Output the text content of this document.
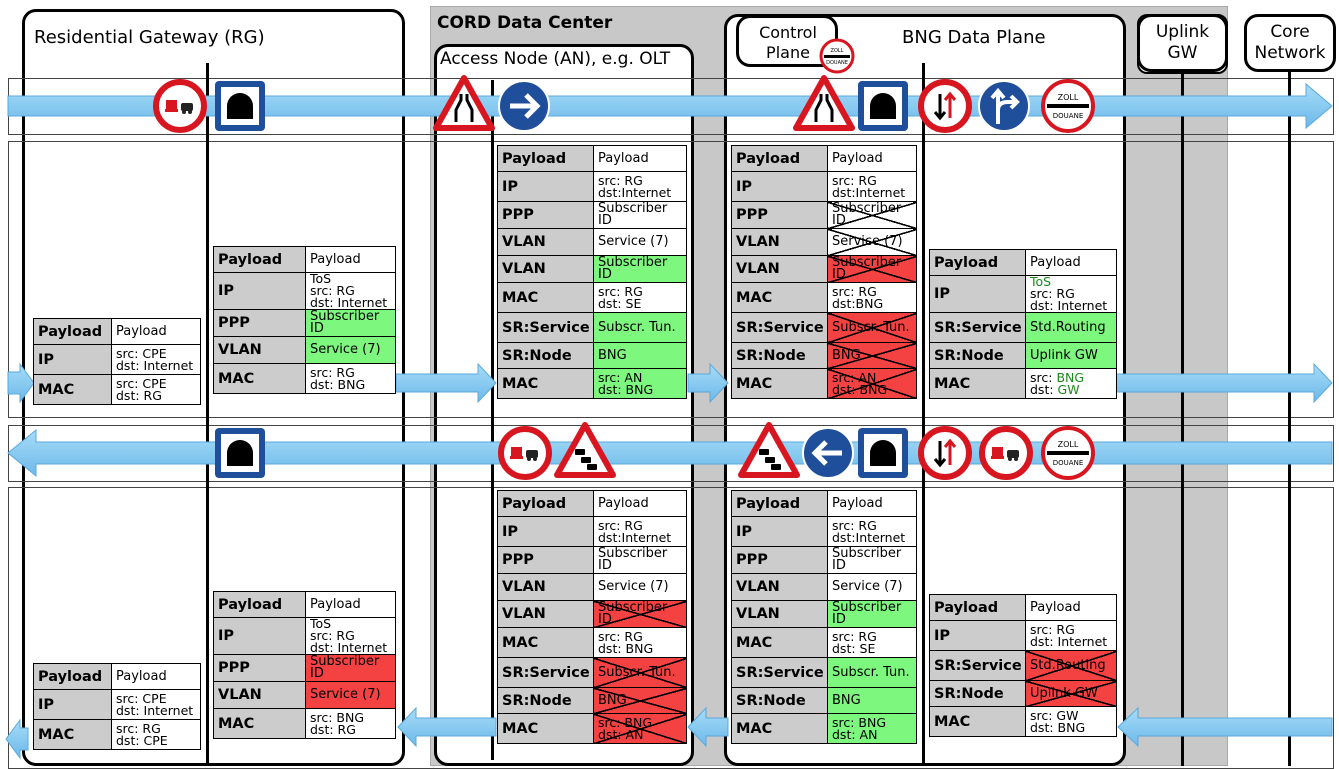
Residential Gateway (RG)
CORD Data Center
Access Node (AN), e.g. OLT
Control
Plane
BNG Data Plane	Uplink
GW
Core
Network
ZOLL
DOUANE
ZOLL
DOUANE
ZOLL
DOUANE
Payload	Payload
IP	src: CPE
dst: Internet
MAC	src: CPE
dst: RG
Payload	Payload
IP	ToS
src: RG
dst: Internet
PPP	Subscriber ID
VLAN	Service (7)
MAC	src: RG
dst: BNG
Payload	Payload
IP	src: RG
dst:Internet
PPP	Subscriber ID
VLAN	Service (7)
VLAN	Subscriber ID
MAC	src: RG
dst: SE
SR:Service	Subscr. Tun.
SR:Node	BNG
MAC	src: AN
dst: BNG
Payload	Payload
IP	src: RG
dst:Internet
PPP	Subscriber ID
VLAN	Service (7)
VLAN	Subscriber ID
MAC	src: RG
dst:BNG
SR:Service	Subscr. Tun.
SR:Node	BNG
MAC	src: AN
dst: BNG
Payload	Payload
IP	ToS
src: RG
dst: Internet
SR:Service	Std.Routing
SR:Node	Uplink GW
MAC	src: BNG
dst: GW
Payload	Payload
IP	src: CPE
dst: Internet
MAC	src: RG
dst: CPE
Payload	Payload
IP	ToS
src: RG
dst: Internet
PPP	Subscriber ID
VLAN	Service (7)
MAC	src: BNG
dst: RG
Payload	Payload
IP	src: RG
dst:Internet
PPP	Subscriber ID
VLAN	Service (7)
VLAN	Subscriber ID
MAC	src: RG
dst: BNG
SR:Service	Subscr. Tun.
SR:Node	BNG
MAC	src: BNG
dst: AN
Payload	Payload
IP	src: RG
dst:Internet
PPP	Subscriber ID
VLAN	Service (7)
VLAN	Subscriber ID
MAC	src: RG
dst: SE
SR:Service	Subscr. Tun.
SR:Node	BNG
MAC	src: BNG
dst: AN
Payload	Payload
IP	src: RG
dst: Internet
SR:Service	Std.Routing
SR:Node	Uplink GW
MAC	src: GW
dst: BNG
